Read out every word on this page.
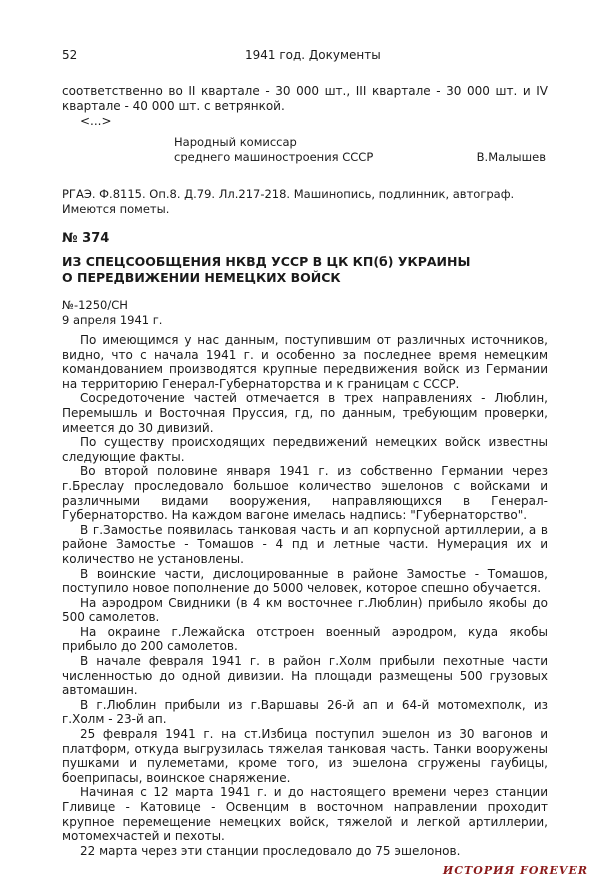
52	1941 год. Документы

соответственно во II квартале - 30 000 шт., III квартале - 30 000 шт. и IV квартале - 40 000 шт. с ветрянкой.

<...>

Народный комиссар
среднего машиностроения СССР	В.Малышев
РГАЭ. Ф.8115. Оп.8. Д.79. Лл.217-218. Машинопись, подлинник, автограф. Имеются пометы.
№ 374
ИЗ СПЕЦСООБЩЕНИЯ НКВД УССР В ЦК КП(б) УКРАИНЫ
О ПЕРЕДВИЖЕНИИ НЕМЕЦКИХ ВОЙСК
№-1250/СН
9 апреля 1941 г.

По имеющимся у нас данным, поступившим от различных источников, видно, что с начала 1941 г. и особенно за последнее время немецким командованием производятся крупные передвижения войск из Германии на территорию Генерал-Губернаторства и к границам с СССР.

Сосредоточение частей отмечается в трех направлениях - Люблин, Перемышль и Восточная Пруссия, гд, по данным, требующим проверки, имеется до 30 дивизий.

По существу происходящих передвижений немецких войск известны следующие факты.

Во второй половине января 1941 г. из собственно Германии через г.Бреслау проследовало большое количество эшелонов с войсками и различными видами вооружения, направляющихся в Генерал-Губернаторство. На каждом вагоне имелась надпись: "Губернаторство".

В г.Замостье появилась танковая часть и ап корпусной артиллерии, а в районе Замостье - Томашов - 4 пд и летные части. Нумерация их и количество не установлены.

В воинские части, дислоцированные в районе Замостье - Томашов, поступило новое пополнение до 5000 человек, которое спешно обучается.

На аэродром Свидники (в 4 км восточнее г.Люблин) прибыло якобы до 500 самолетов.

На окраине г.Лежайска отстроен военный аэродром, куда якобы прибыло до 200 самолетов.

В начале февраля 1941 г. в район г.Холм прибыли пехотные части численностью до одной дивизии. На площади размещены 500 грузовых автомашин.

В г.Люблин прибыли из г.Варшавы 26-й ап и 64-й мотомехполк, из г.Холм - 23-й ап.

25 февраля 1941 г. на ст.Избица поступил эшелон из 30 вагонов и платформ, откуда выгрузилась тяжелая танковая часть. Танки вооружены пушками и пулеметами, кроме того, из эшелона сгружены гаубицы, боеприпасы, воинское снаряжение.

Начиная с 12 марта 1941 г. и до настоящего времени через станции Гливице - Катовице - Освенцим в восточном направлении проходит крупное перемещение немецких войск, тяжелой и легкой артиллерии, мотомехчастей и пехоты.

22 марта через эти станции проследовало до 75 эшелонов.

ИСТОРИЯ FOREVER
